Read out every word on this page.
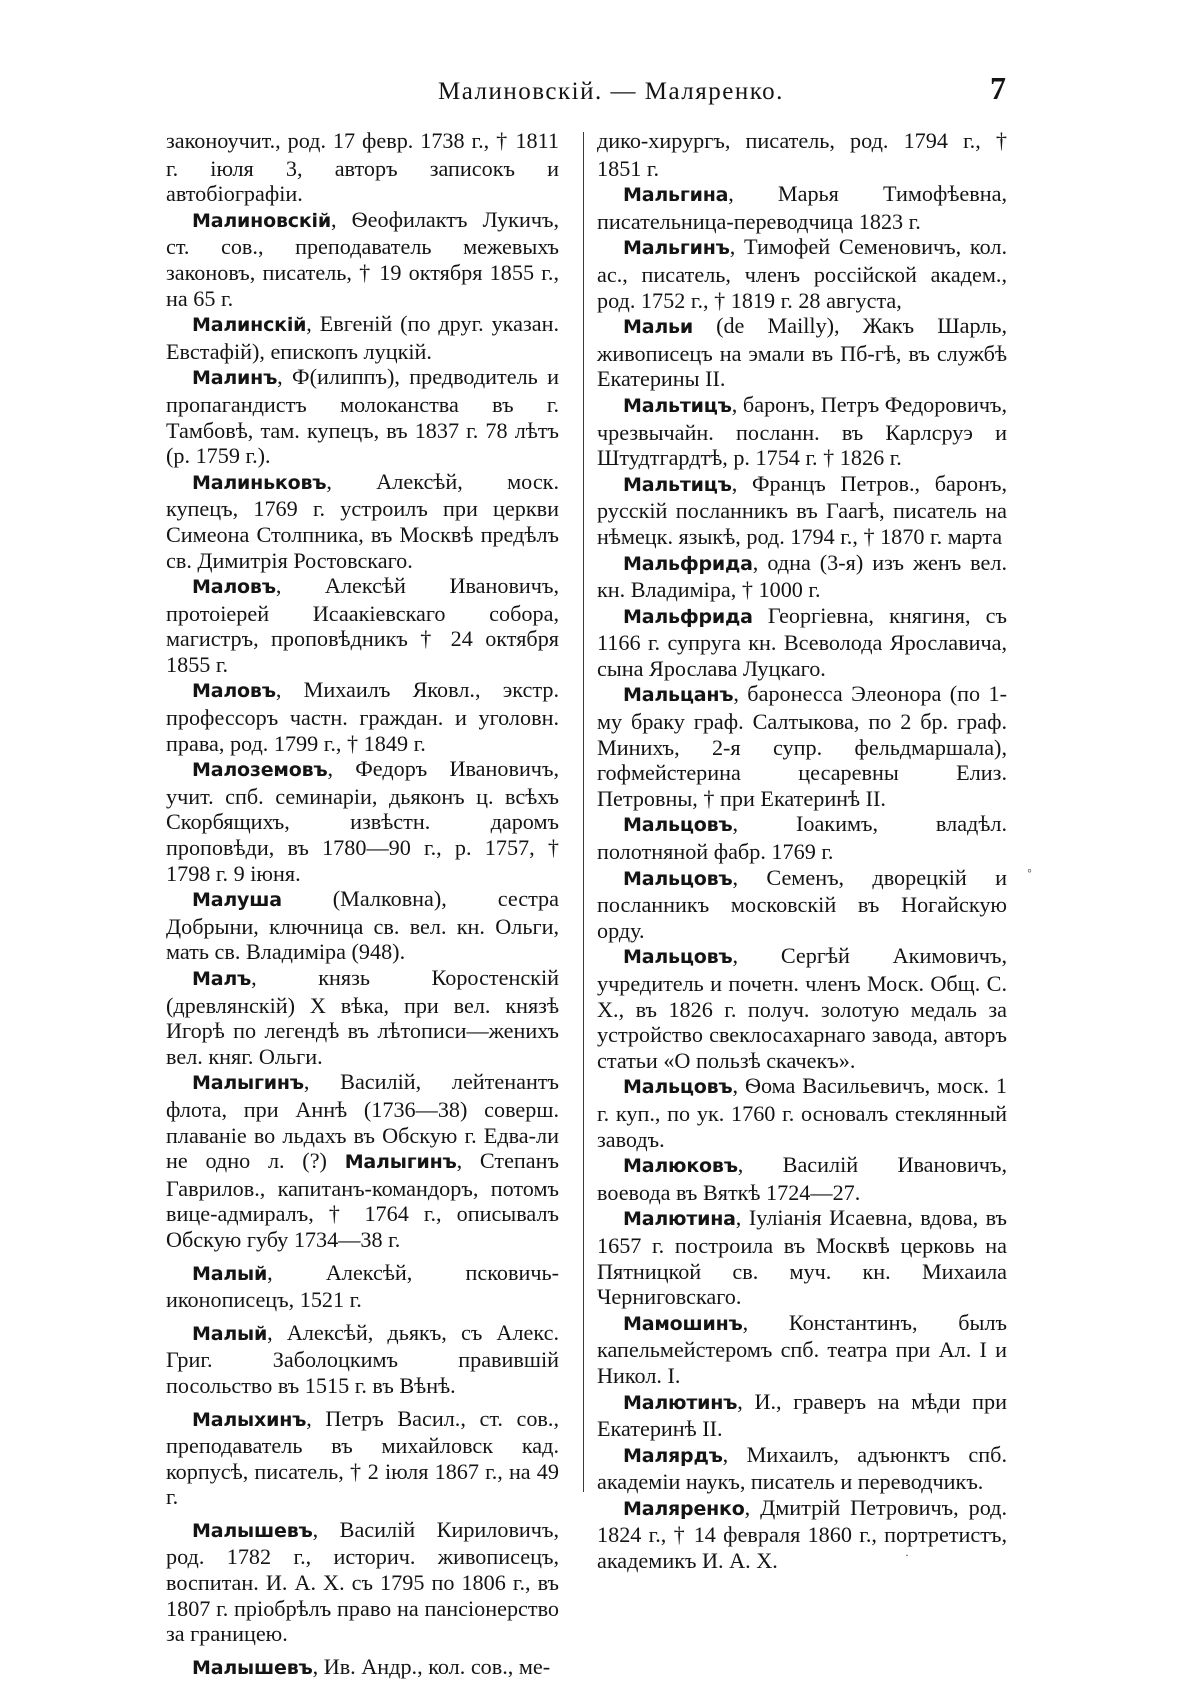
Малиновскій. — Маляренко.	7

законоучит., род. 17 февр. 1738 г., † 1811 г. іюля 3, авторъ записокъ и автобіографіи.

Малиновскій, Ѳеофилактъ Лукичъ, ст. сов., преподаватель межевыхъ законовъ, писатель, † 19 октября 1855 г., на 65 г.

Малинскій, Евгеній (по друг. указан. Евстафій), епископъ луцкій.

Малинъ, Ф(илиппъ), предводитель и пропагандистъ молоканства въ г. Тамбовѣ, там. купецъ, въ 1837 г. 78 лѣтъ (р. 1759 г.).

Малиньковъ, Алексѣй, моск. купецъ, 1769 г. устроилъ при церкви Симеона Столпника, въ Москвѣ предѣлъ св. Димитрія Ростовскаго.

Маловъ, Алексѣй Ивановичъ, протоіерей Исаакіевскаго собора, магистръ, проповѣдникъ † 24 октября 1855 г.

Маловъ, Михаилъ Яковл., экстр. профессоръ частн. граждан. и уголовн. права, род. 1799 г., † 1849 г.

Малоземовъ, Федоръ Ивановичъ, учит. спб. семинаріи, дьяконъ ц. всѣхъ Скорбящихъ, извѣстн. даромъ проповѣди, въ 1780—90 г., р. 1757, † 1798 г. 9 іюня.

Малуша (Малковна), сестра Добрыни, ключница св. вел. кн. Ольги, мать св. Владиміра (948).

Малъ, князь Коростенскій (древлянскій) X вѣка, при вел. князѣ Игорѣ по легендѣ въ лѣтописи—женихъ вел. княг. Ольги.

Малыгинъ, Василій, лейтенантъ флота, при Аннѣ (1736—38) соверш. плаваніе во льдахъ въ Обскую г. Едва-ли не одно л. (?) Малыгинъ, Степанъ Гаврилов., капитанъ-командоръ, потомъ вице-адмиралъ, † 1764 г., описывалъ Обскую губу 1734—38 г.

Малый, Алексѣй, псковичь-иконописецъ, 1521 г.

Малый, Алексѣй, дьякъ, съ Алекс. Григ. Заболоцкимъ правившій посольство въ 1515 г. въ Вѣнѣ.

Малыхинъ, Петръ Васил., ст. сов., преподаватель въ михайловск кад. корпусѣ, писатель, † 2 іюля 1867 г., на 49 г.

Малышевъ, Василій Кириловичъ, род. 1782 г., историч. живописецъ, воспитан. И. А. Х. съ 1795 по 1806 г., въ 1807 г. пріобрѣлъ право на пансіонерство за границею.

Малышевъ, Ив. Андр., кол. сов., ме-

дико-хирургъ, писатель, род. 1794 г., † 1851 г.

Мальгина, Марья Тимофѣевна, писательница-переводчица 1823 г.

Мальгинъ, Тимофей Семеновичъ, кол. ас., писатель, членъ россійской академ., род. 1752 г., † 1819 г. 28 августа,

Мальи (de Mailly), Жакъ Шарль, живописецъ на эмали въ Пб-гѣ, въ службѣ Екатерины II.

Мальтицъ, баронъ, Петръ Федоровичъ, чрезвычайн. посланн. въ Карлсруэ и Штудтгардтѣ, р. 1754 г. † 1826 г.

Мальтицъ, Францъ Петров., баронъ, русскій посланникъ въ Гаагѣ, писатель на нѣмецк. языкѣ, род. 1794 г., † 1870 г. марта

Мальфрида, одна (3-я) изъ женъ вел. кн. Владиміра, † 1000 г.

Мальфрида Георгіевна, княгиня, съ 1166 г. супруга кн. Всеволода Ярославича, сына Ярослава Луцкаго.

Мальцанъ, баронесса Элеонора (по 1-му браку граф. Салтыкова, по 2 бр. граф. Минихъ, 2-я супр. фельдмаршала), гофмейстерина цесаревны Елиз. Петровны, † при Екатеринѣ II.

Мальцовъ, Іоакимъ, владѣл. полотняной фабр. 1769 г.

Мальцовъ, Семенъ, дворецкій и посланникъ московскій въ Ногайскую орду.

Мальцовъ, Сергѣй Акимовичъ, учредитель и почетн. членъ Моск. Общ. С. Х., въ 1826 г. получ. золотую медаль за устройство свеклосахарнаго завода, авторъ статьи «О пользѣ скачекъ».

Мальцовъ, Ѳома Васильевичъ, моск. 1 г. куп., по ук. 1760 г. основалъ стеклянный заводъ.

Малюковъ, Василій Ивановичъ, воевода въ Вяткѣ 1724—27.

Малютина, Іуліанія Исаевна, вдова, въ 1657 г. построила въ Москвѣ церковь на Пятницкой св. муч. кн. Михаила Черниговскаго.

Мамошинъ, Константинъ, былъ капельмейстеромъ спб. театра при Ал. I и Никол. I.

Малютинъ, И., граверъ на мѣди при Екатеринѣ II.

Малярдъ, Михаилъ, адъюнктъ спб. академіи наукъ, писатель и переводчикъ.

Маляренко, Дмитрій Петровичъ, род. 1824 г., † 14 февраля 1860 г., портретистъ, академикъ И. А. Х.

◦
·
